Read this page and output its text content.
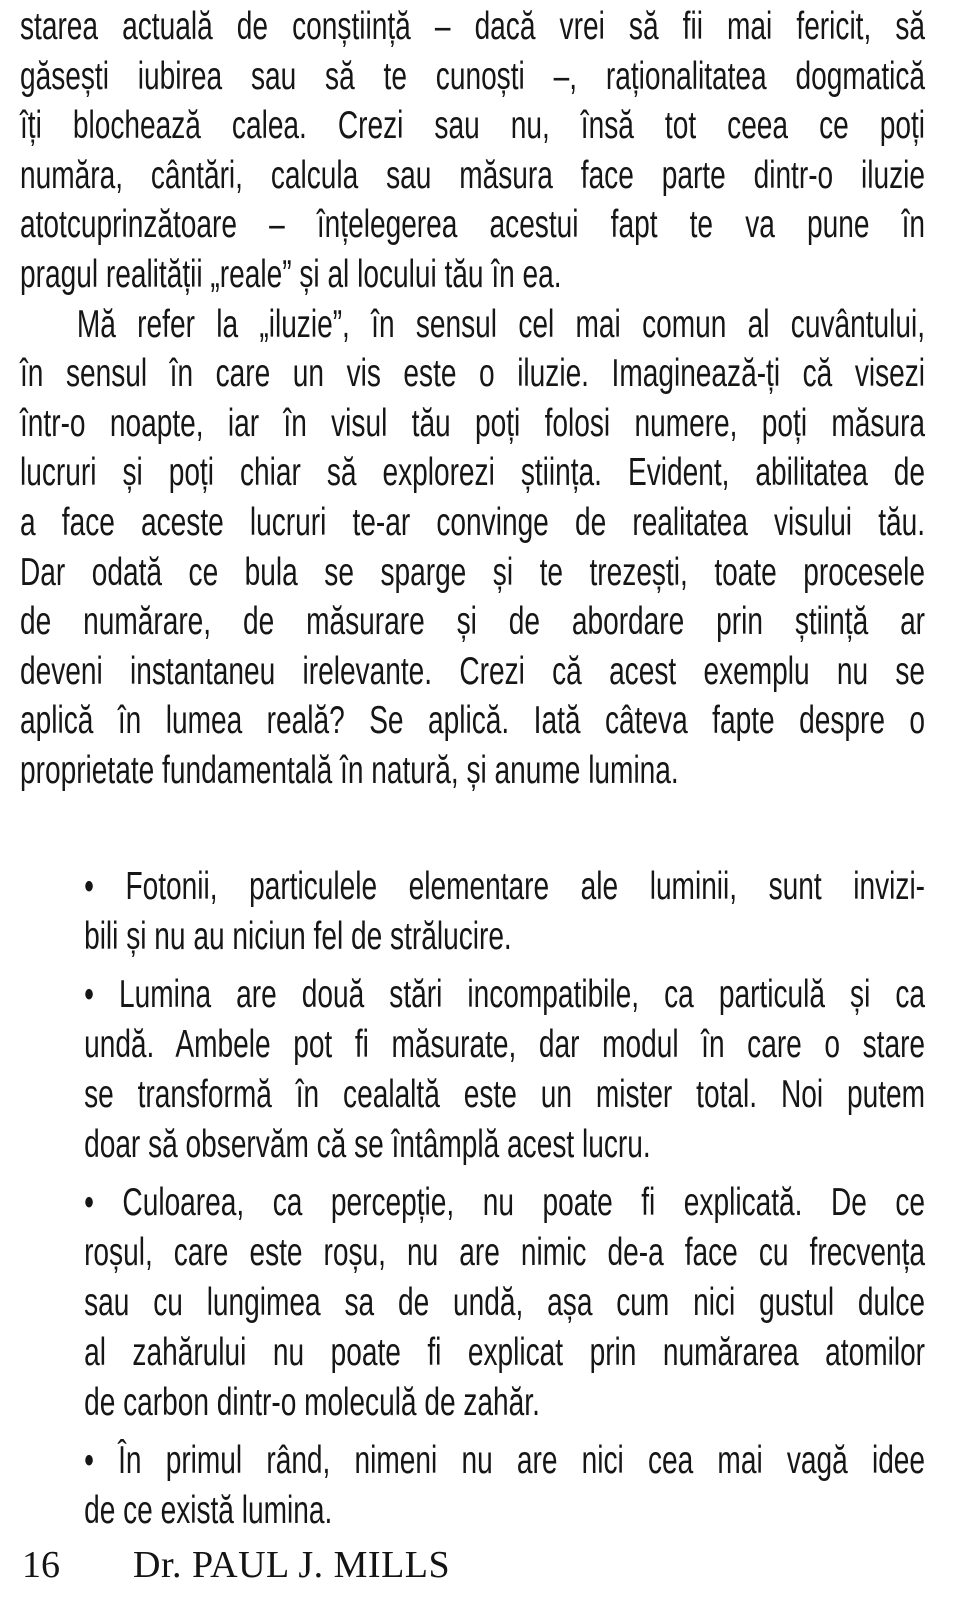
starea actuală de conștiință – dacă vrei să fii mai fericit, să
găsești iubirea sau să te cunoști –, raționalitatea dogmatică
îți blochează calea. Crezi sau nu, însă tot ceea ce poți
număra, cântări, calcula sau măsura face parte dintr-o iluzie
atotcuprinzătoare – înțelegerea acestui fapt te va pune în
pragul realității „reale” și al locului tău în ea.
Mă refer la „iluzie”, în sensul cel mai comun al cuvântului,
în sensul în care un vis este o iluzie. Imaginează-ți că visezi
într-o noapte, iar în visul tău poți folosi numere, poți măsura
lucruri și poți chiar să explorezi știința. Evident, abilitatea de
a face aceste lucruri te-ar convinge de realitatea visului tău.
Dar odată ce bula se sparge și te trezești, toate procesele
de numărare, de măsurare și de abordare prin știință ar
deveni instantaneu irelevante. Crezi că acest exemplu nu se
aplică în lumea reală? Se aplică. Iată câteva fapte despre o
proprietate fundamentală în natură, și anume lumina.
• Fotonii, particulele elementare ale luminii, sunt invizi-
bili și nu au niciun fel de strălucire.
• Lumina are două stări incompatibile, ca particulă și ca
undă. Ambele pot fi măsurate, dar modul în care o stare
se transformă în cealaltă este un mister total. Noi putem
doar să observăm că se întâmplă acest lucru.
• Culoarea, ca percepție, nu poate fi explicată. De ce
roșul, care este roșu, nu are nimic de-a face cu frecvența
sau cu lungimea sa de undă, așa cum nici gustul dulce
al zahărului nu poate fi explicat prin numărarea atomilor
de carbon dintr-o moleculă de zahăr.
• În primul rând, nimeni nu are nici cea mai vagă idee
de ce există lumina.
16 Dr. PAUL J. MILLS
